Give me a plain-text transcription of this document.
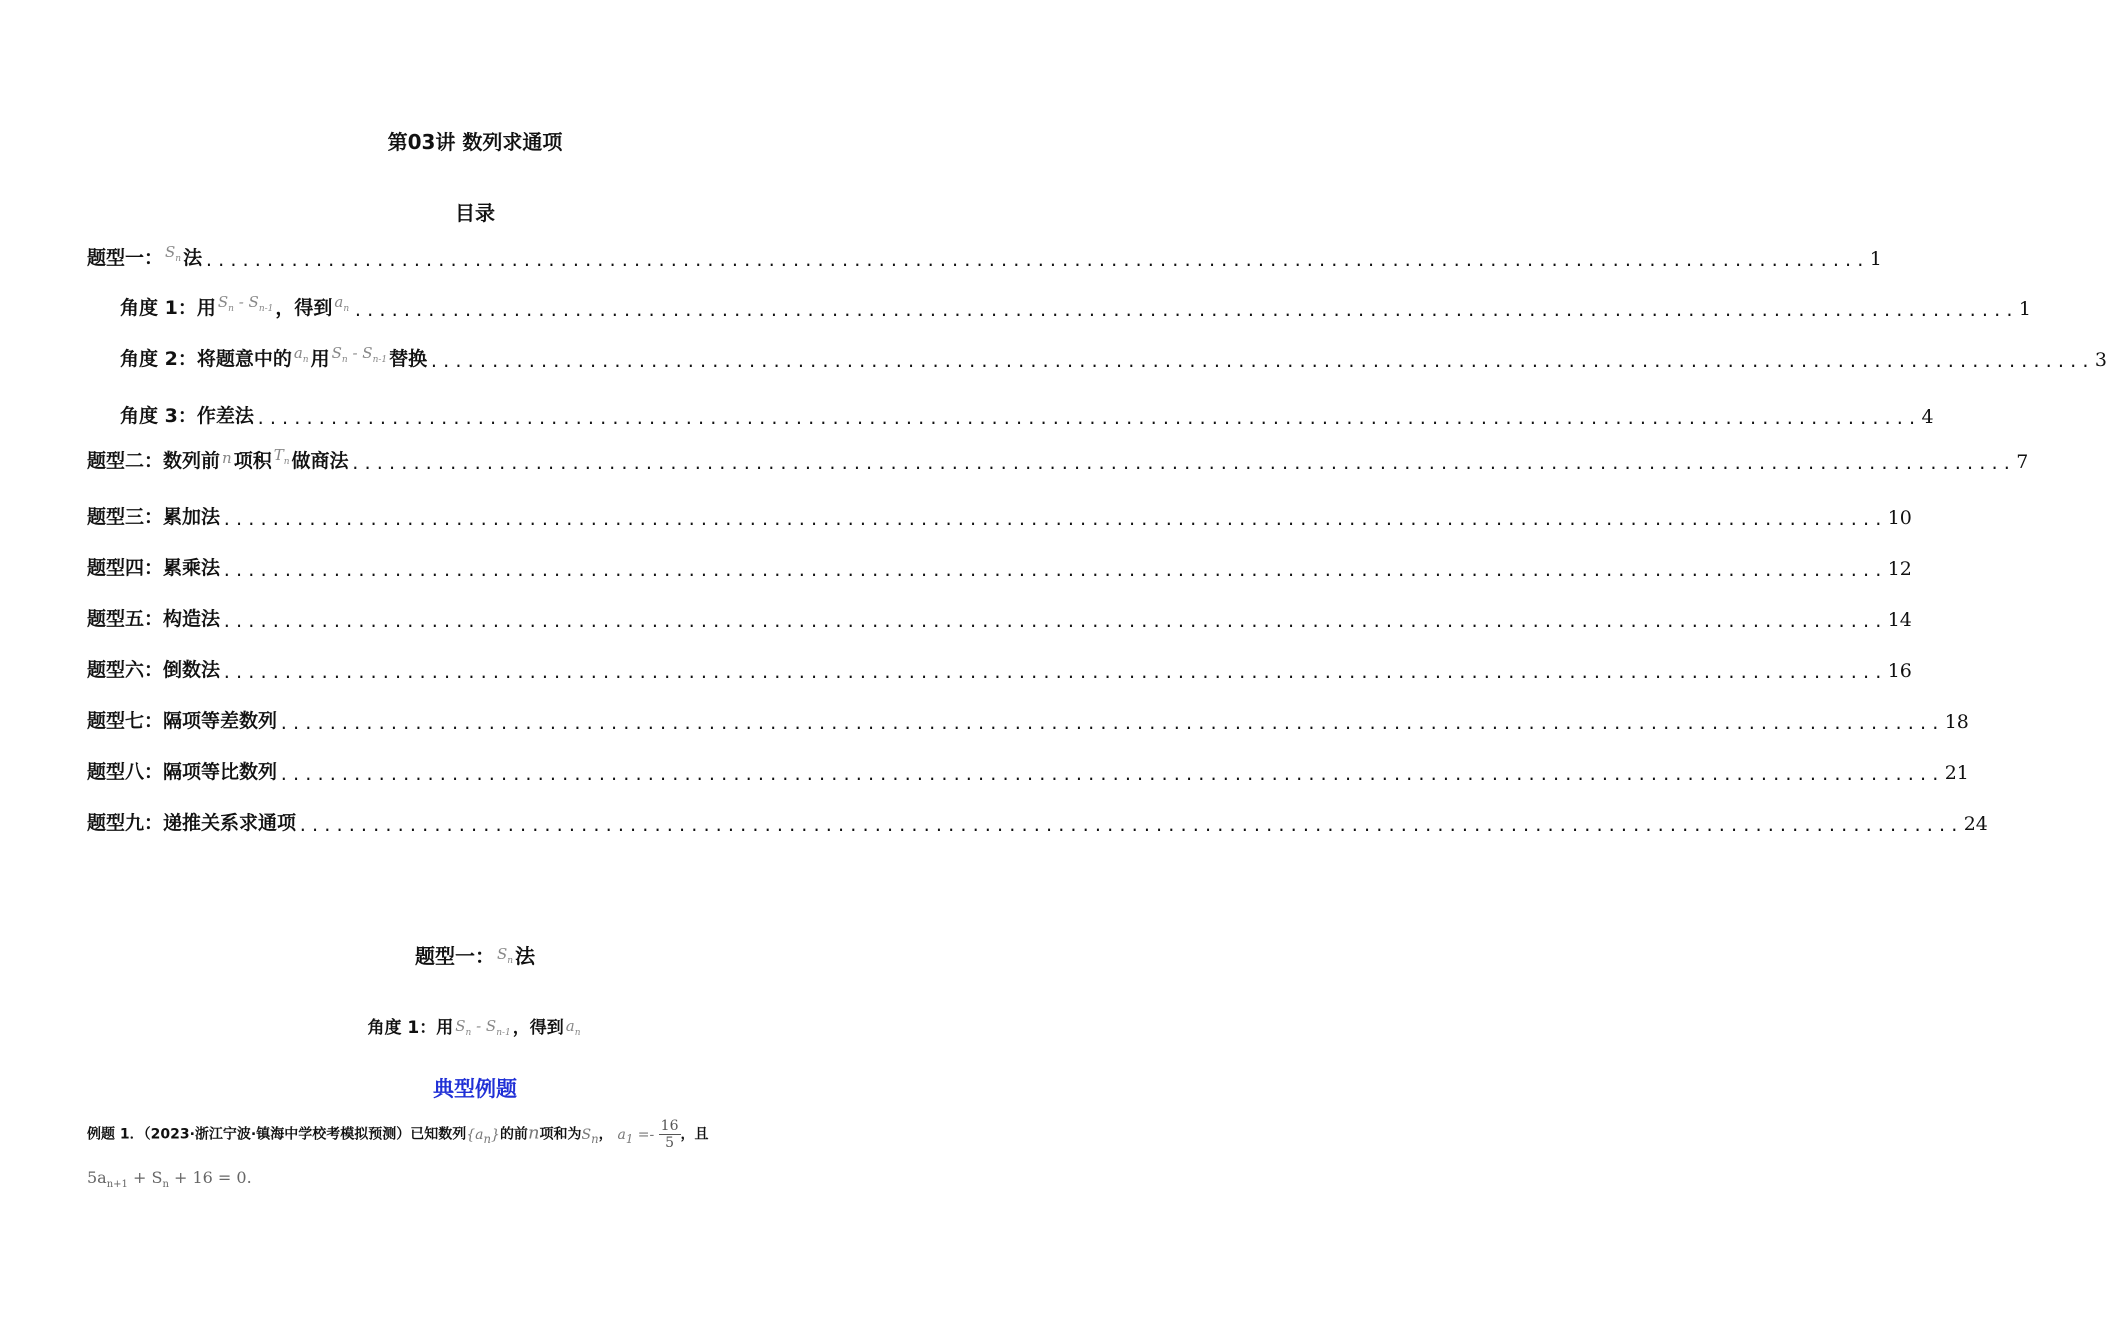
第03讲 数列求通项
目录
题型一： $S_n$ 法 ........................................................................................................................................ 1
角度 1：用 $S_n - S_{n-1}$ ，得到 $a_n$ ........................................................................................................................................ 1
角度 2：将题意中的 $a_n$ 用 $S_n - S_{n-1}$ 替换 ........................................................................................................................................ 3
角度 3：作差法 ........................................................................................................................................ 4
题型二：数列前 n 项积 $T_n$ 做商法 ........................................................................................................................................ 7
题型三：累加法 ........................................................................................................................................ 10
题型四：累乘法 ........................................................................................................................................ 12
题型五：构造法 ........................................................................................................................................ 14
题型六：倒数法 ........................................................................................................................................ 16
题型七：隔项等差数列 ........................................................................................................................................ 18
题型八：隔项等比数列 ........................................................................................................................................ 21
题型九：递推关系求通项 ........................................................................................................................................ 24
题型一： $^{S_n}$ 法
角度 1：用 $S_n - S_{n-1}$ ，得到 $a_n$
典型例题
例题 1．（2023·浙江宁波·镇海中学校考模拟预测）已知数列$\{a_n\}$的前n项和为$S_n$， $a_1 =- \frac{16}{5}$ ，且
$5a_{n+1} + S_n + 16 = 0$.
